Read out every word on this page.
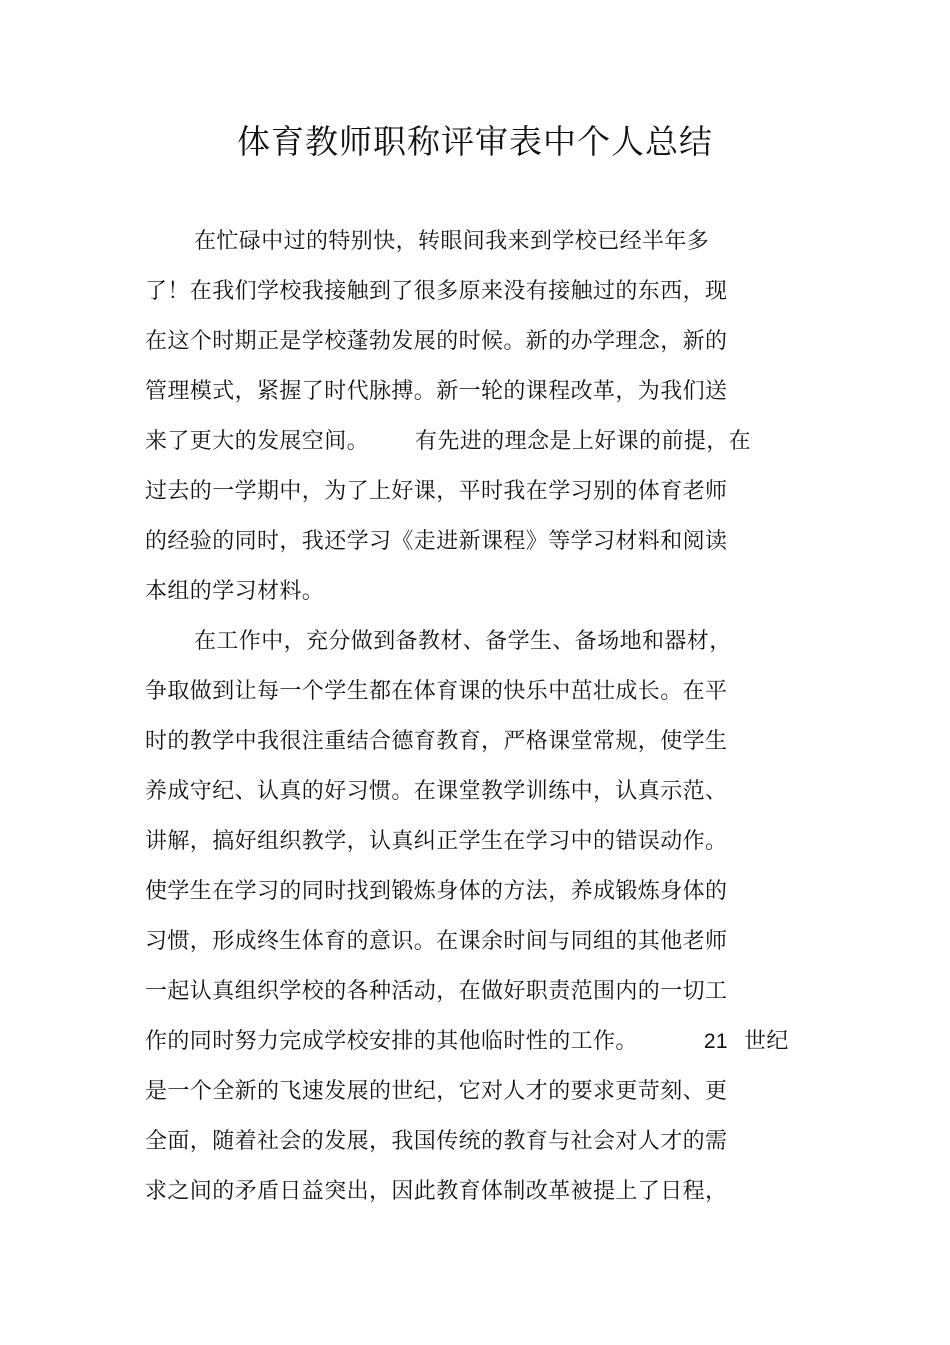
体育教师职称评审表中个人总结
在忙碌中过的特别快，转眼间我来到学校已经半年多
了！在我们学校我接触到了很多原来没有接触过的东西，现
在这个时期正是学校蓬勃发展的时候。新的办学理念，新的
管理模式，紧握了时代脉搏。新一轮的课程改革，为我们送
来了更大的发展空间。 有先进的理念是上好课的前提，在
过去的一学期中，为了上好课，平时我在学习别的体育老师
的经验的同时，我还学习《走进新课程》等学习材料和阅读
本组的学习材料。
在工作中，充分做到备教材、备学生、备场地和器材，
争取做到让每一个学生都在体育课的快乐中茁壮成长。在平
时的教学中我很注重结合德育教育，严格课堂常规，使学生
养成守纪、认真的好习惯。在课堂教学训练中，认真示范、
讲解，搞好组织教学，认真纠正学生在学习中的错误动作。
使学生在学习的同时找到锻炼身体的方法，养成锻炼身体的
习惯，形成终生体育的意识。在课余时间与同组的其他老师
一起认真组织学校的各种活动，在做好职责范围内的一切工
作的同时努力完成学校安排的其他临时性的工作。	21 世纪
是一个全新的飞速发展的世纪，它对人才的要求更苛刻、更
全面，随着社会的发展，我国传统的教育与社会对人才的需
求之间的矛盾日益突出，因此教育体制改革被提上了日程，
